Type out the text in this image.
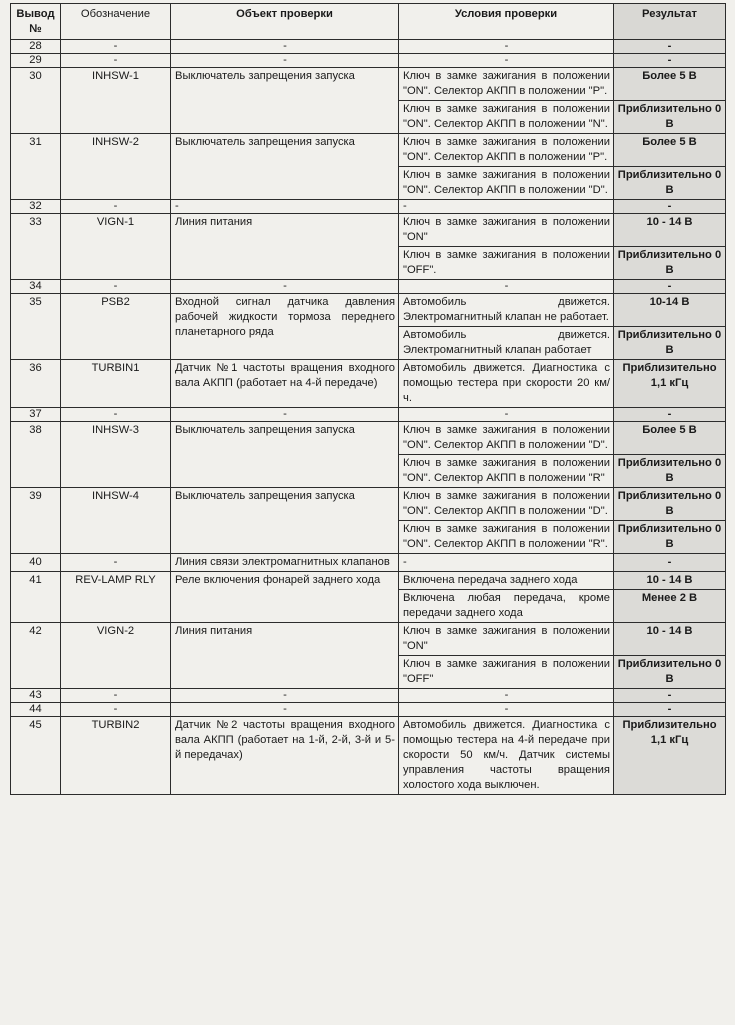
Вывод №	Обозначение	Объект проверки	Условия проверки	Результат
28	-	-	-	-
29	-	-	-	-
30	INHSW-1	Выключатель запрещения запуска	Ключ в замке зажигания в положении "ON". Селектор АКПП в положении "P".	Более 5 В
			Ключ в замке зажигания в положении "ON". Селектор АКПП в положении "N".	Приблизительно 0 В
31	INHSW-2	Выключатель запрещения запуска	Ключ в замке зажигания в положении "ON". Селектор АКПП в положении "P".	Более 5 В
			Ключ в замке зажигания в положении "ON". Селектор АКПП в положении "D".	Приблизительно 0 В
32	-	-	-	-
33	VIGN-1	Линия питания	Ключ в замке зажигания в положении "ON"	10 - 14 В
			Ключ в замке зажигания в положении "OFF".	Приблизительно 0 В
34	-	-	-	-
35	PSB2	Входной сигнал датчика давления рабочей жидкости тормоза переднего планетарного ряда	Автомобиль движется. Электромагнитный клапан не работает.	10-14 В
			Автомобиль движется. Электромагнитный клапан работает	Приблизительно 0 В
36	TURBIN1	Датчик №1 частоты вращения входного вала АКПП (работает на 4-й передаче)	Автомобиль движется. Диагностика с помощью тестера при скорости 20 км/ч.	Приблизительно 1,1 кГц
37	-	-	-	-
38	INHSW-3	Выключатель запрещения запуска	Ключ в замке зажигания в положении "ON". Селектор АКПП в положении "D".	Более 5 В
			Ключ в замке зажигания в положении "ON". Селектор АКПП в положении "R"	Приблизительно 0 В
39	INHSW-4	Выключатель запрещения запуска	Ключ в замке зажигания в положении "ON". Селектор АКПП в положении "D".	Приблизительно 0 В
			Ключ в замке зажигания в положении "ON". Селектор АКПП в положении "R".	Приблизительно 0 В
40	-	Линия связи электромагнитных клапанов	-	-
41	REV-LAMP RLY	Реле включения фонарей заднего хода	Включена передача заднего хода	10 - 14 В
			Включена любая передача, кроме передачи заднего хода	Менее 2 В
42	VIGN-2	Линия питания	Ключ в замке зажигания в положении "ON"	10 - 14 В
			Ключ в замке зажигания в положении "OFF"	Приблизительно 0 В
43	-	-	-	-
44	-	-	-	-
45	TURBIN2	Датчик №2 частоты вращения входного вала АКПП (работает на 1-й, 2-й, 3-й и 5-й передачах)	Автомобиль движется. Диагностика с помощью тестера на 4-й передаче при скорости 50 км/ч. Датчик системы управления частоты вращения холостого хода выключен.	Приблизительно 1,1 кГц
